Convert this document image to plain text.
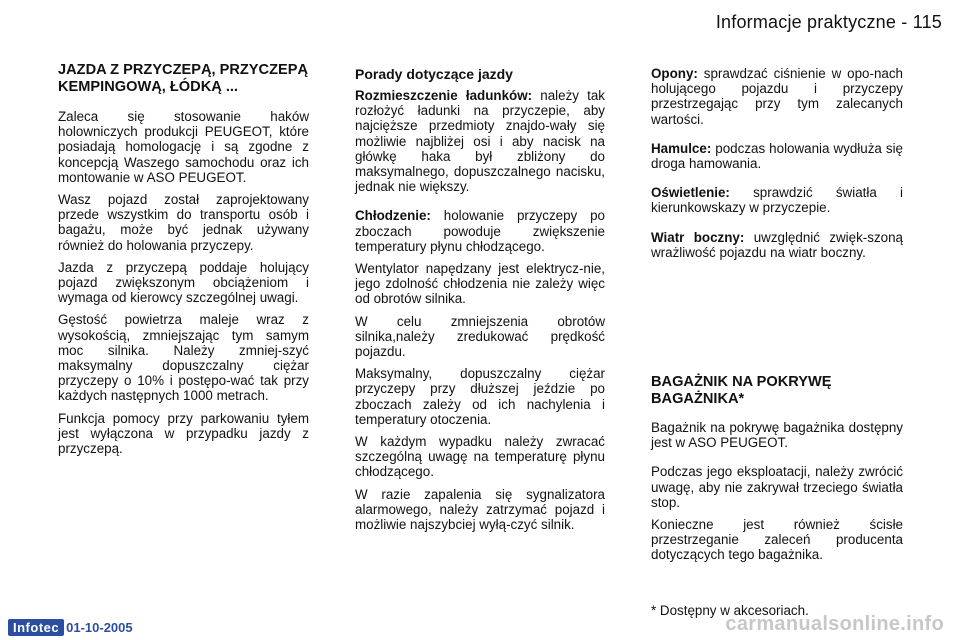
Informacje praktyczne - 115
JAZDA Z PRZYCZEPĄ, PRZYCZEPĄ KEMPINGOWĄ, ŁÓDKĄ ...

Zaleca się stosowanie haków holowniczych produkcji PEUGEOT, które posiadają homologację i są zgodne z koncepcją Waszego samochodu oraz ich montowanie w ASO PEUGEOT.

Wasz pojazd został zaprojektowany przede wszystkim do transportu osób i bagażu, może być jednak używany również do holowania przyczepy.

Jazda z przyczepą poddaje holujący pojazd zwiększonym obciążeniom i wymaga od kierowcy szczególnej uwagi.

Gęstość powietrza maleje wraz z wysokością, zmniejszając tym samym moc silnika. Należy zmniej-szyć maksymalny dopuszczalny ciężar przyczepy o 10% i postępo-wać tak przy każdych następnych 1000 metrach.

Funkcja pomocy przy parkowaniu tyłem jest wyłączona w przypadku jazdy z przyczepą.

Porady dotyczące jazdy

Rozmieszczenie ładunków: należy tak rozłożyć ładunki na przyczepie, aby najcięższe przedmioty znajdo-wały się możliwie najbliżej osi i aby nacisk na główkę haka był zbliżony do maksymalnego, dopuszczalnego nacisku, jednak nie większy.

Chłodzenie: holowanie przyczepy po zboczach powoduje zwiększenie temperatury płynu chłodzącego.

Wentylator napędzany jest elektrycz-nie, jego zdolność chłodzenia nie zależy więc od obrotów silnika.

W celu zmniejszenia obrotów silnika,należy zredukować prędkość pojazdu.

Maksymalny, dopuszczalny ciężar przyczepy przy dłuższej jeździe po zboczach zależy od ich nachylenia i temperatury otoczenia.

W każdym wypadku należy zwracać szczególną uwagę na temperaturę płynu chłodzącego.

W razie zapalenia się sygnalizatora alarmowego, należy zatrzymać pojazd i możliwie najszybciej wyłą-czyć silnik.

Opony: sprawdzać ciśnienie w opo-nach holującego pojazdu i przyczepy przestrzegając przy tym zalecanych wartości.

Hamulce: podczas holowania wydłuża się droga hamowania.

Oświetlenie: sprawdzić światła i kierunkowskazy w przyczepie.

Wiatr boczny: uwzględnić zwięk-szoną wrażliwość pojazdu na wiatr boczny.

BAGAŻNIK NA POKRYWĘ BAGAŻNIKA*

Bagażnik na pokrywę bagażnika dostępny jest w ASO PEUGEOT.

Podczas jego eksploatacji, należy zwrócić uwagę, aby nie zakrywał trzeciego światła stop.

Konieczne jest również ścisłe przestrzeganie zaleceń producenta dotyczących tego bagażnika.

* Dostępny w akcesoriach.
Infotec 01-10-2005	carmanualsonline.info
